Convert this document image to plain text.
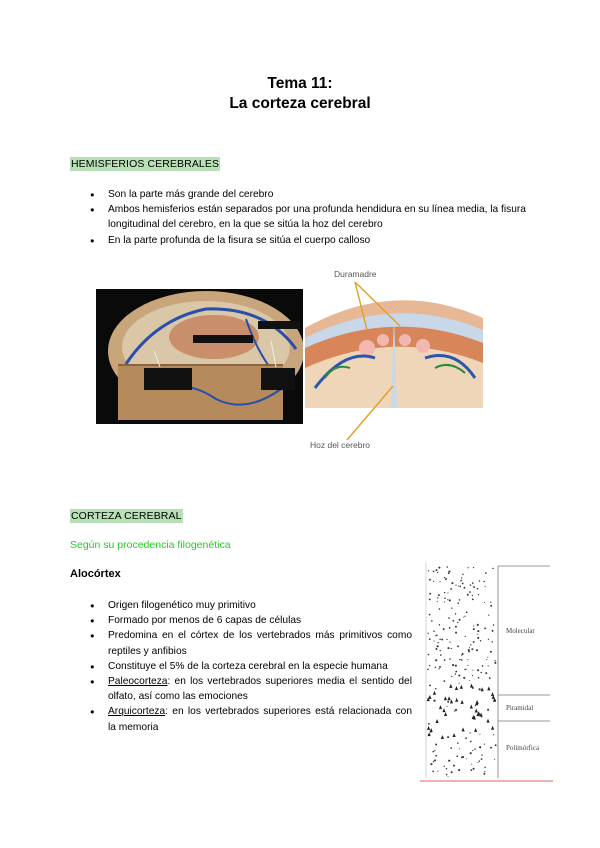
Tema 11:
La corteza cerebral
HEMISFERIOS CEREBRALES
● Son la parte más grande del cerebro
● Ambos hemisferios están separados por una profunda hendidura en su línea media, la fisura longitudinal del cerebro, en la que se sitúa la hoz del cerebro
● En la parte profunda de la fisura se sitúa el cuerpo calloso
Duramadre
Hoz del cerebro
CORTEZA CEREBRAL
Según su procedencia filogenética
Alocórtex
● Origen filogenético muy primitivo
● Formado por menos de 6 capas de células
● Predomina en el córtex de los vertebrados más primitivos como reptiles y anfibios
● Constituye el 5% de la corteza cerebral en la especie humana
● Paleocorteza: en los vertebrados superiores media el sentido del olfato, así como las emociones
● Arquicorteza: en los vertebrados superiores está relacionada con la memoria
Molecular
Piramidal
Polimórfica
